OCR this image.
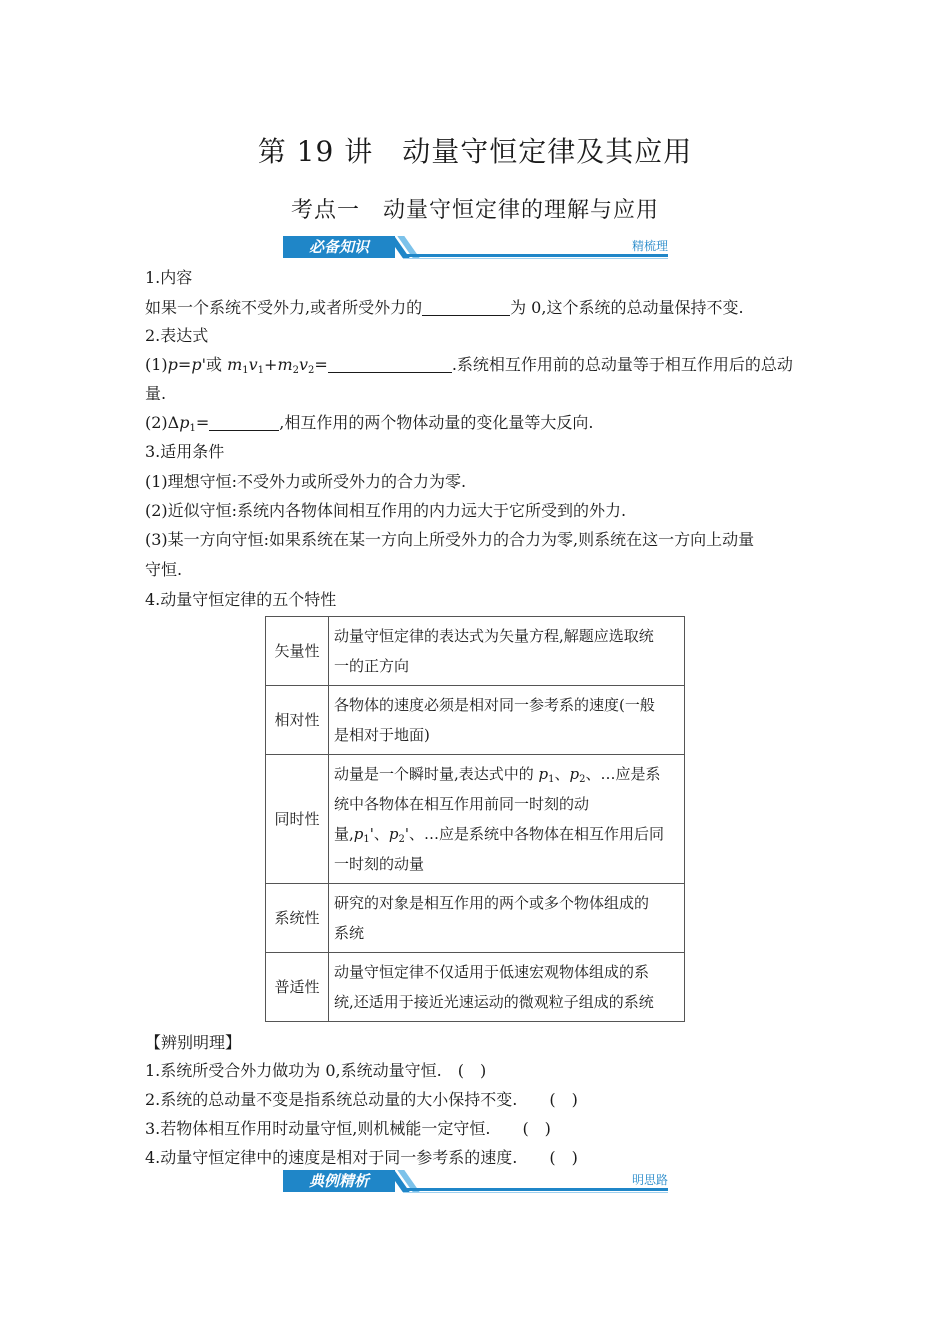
第 19 讲　动量守恒定律及其应用
考点一　动量守恒定律的理解与应用
必备知识	精梳理
1.内容
如果一个系统不受外力,或者所受外力的	为 0,这个系统的总动量保持不变.
2.表达式
(1)p=p'或 $m_1v_1+m_2v_2=$	.系统相互作用前的总动量等于相互作用后的总动
量.
$(2)\Delta p_1=$	,相互作用的两个物体动量的变化量等大反向.
3.适用条件
(1)理想守恒:不受外力或所受外力的合力为零.
(2)近似守恒:系统内各物体间相互作用的内力远大于它所受到的外力.
(3)某一方向守恒:如果系统在某一方向上所受外力的合力为零,则系统在这一方向上动量
守恒.
4.动量守恒定律的五个特性
矢量性	动量守恒定律的表达式为矢量方程,解题应选取统
一的正方向

相对性	各物体的速度必须是相对同一参考系的速度(一般
是相对于地面)

同时性	动量是一个瞬时量,表达式中的 $p_1$、$p_2$、…应是系
统中各物体在相互作用前同一时刻的动
量$,p_1'$、$p_2'$、…应是系统中各物体在相互作用后同
一时刻的动量

系统性	研究的对象是相互作用的两个或多个物体组成的
系统

普适性	动量守恒定律不仅适用于低速宏观物体组成的系
统,还适用于接近光速运动的微观粒子组成的系统
【辨别明理】
1.系统所受合外力做功为 0,系统动量守恒.　(　)
2.系统的总动量不变是指系统总动量的大小保持不变.　　(　)
3.若物体相互作用时动量守恒,则机械能一定守恒.　　(　)
4.动量守恒定律中的速度是相对于同一参考系的速度.　　(　)
典例精析	明思路
